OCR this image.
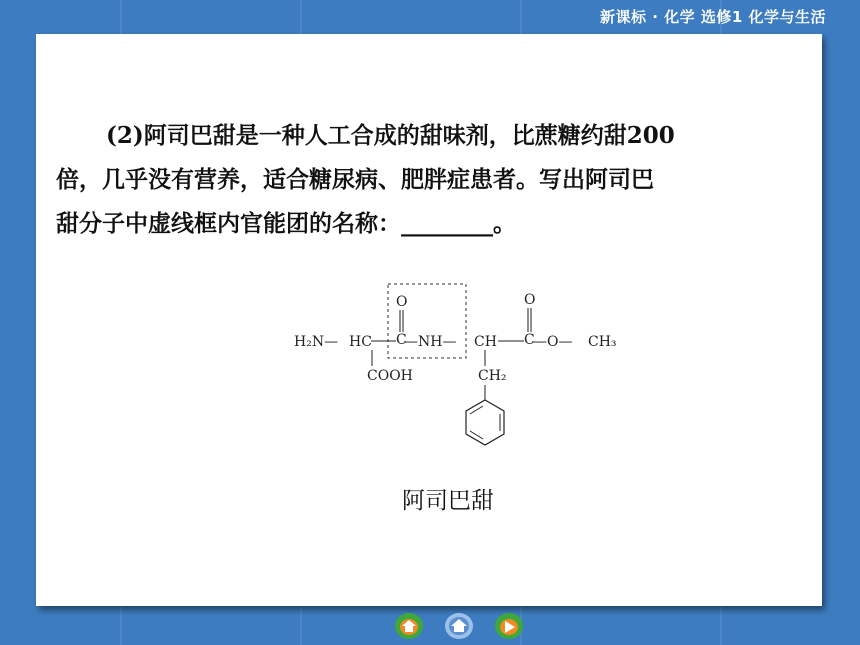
新课标 · 化学 选修1 化学与生活
(2)阿司巴甜是一种人工合成的甜味剂，比蔗糖约甜200
倍，几乎没有营养，适合糖尿病、肥胖症患者。写出阿司巴
甜分子中虚线框内官能团的名称：________。
H₂N— HC C
—NH— CH C
—O— CH₃
O	O
COOH	CH₂
阿司巴甜
